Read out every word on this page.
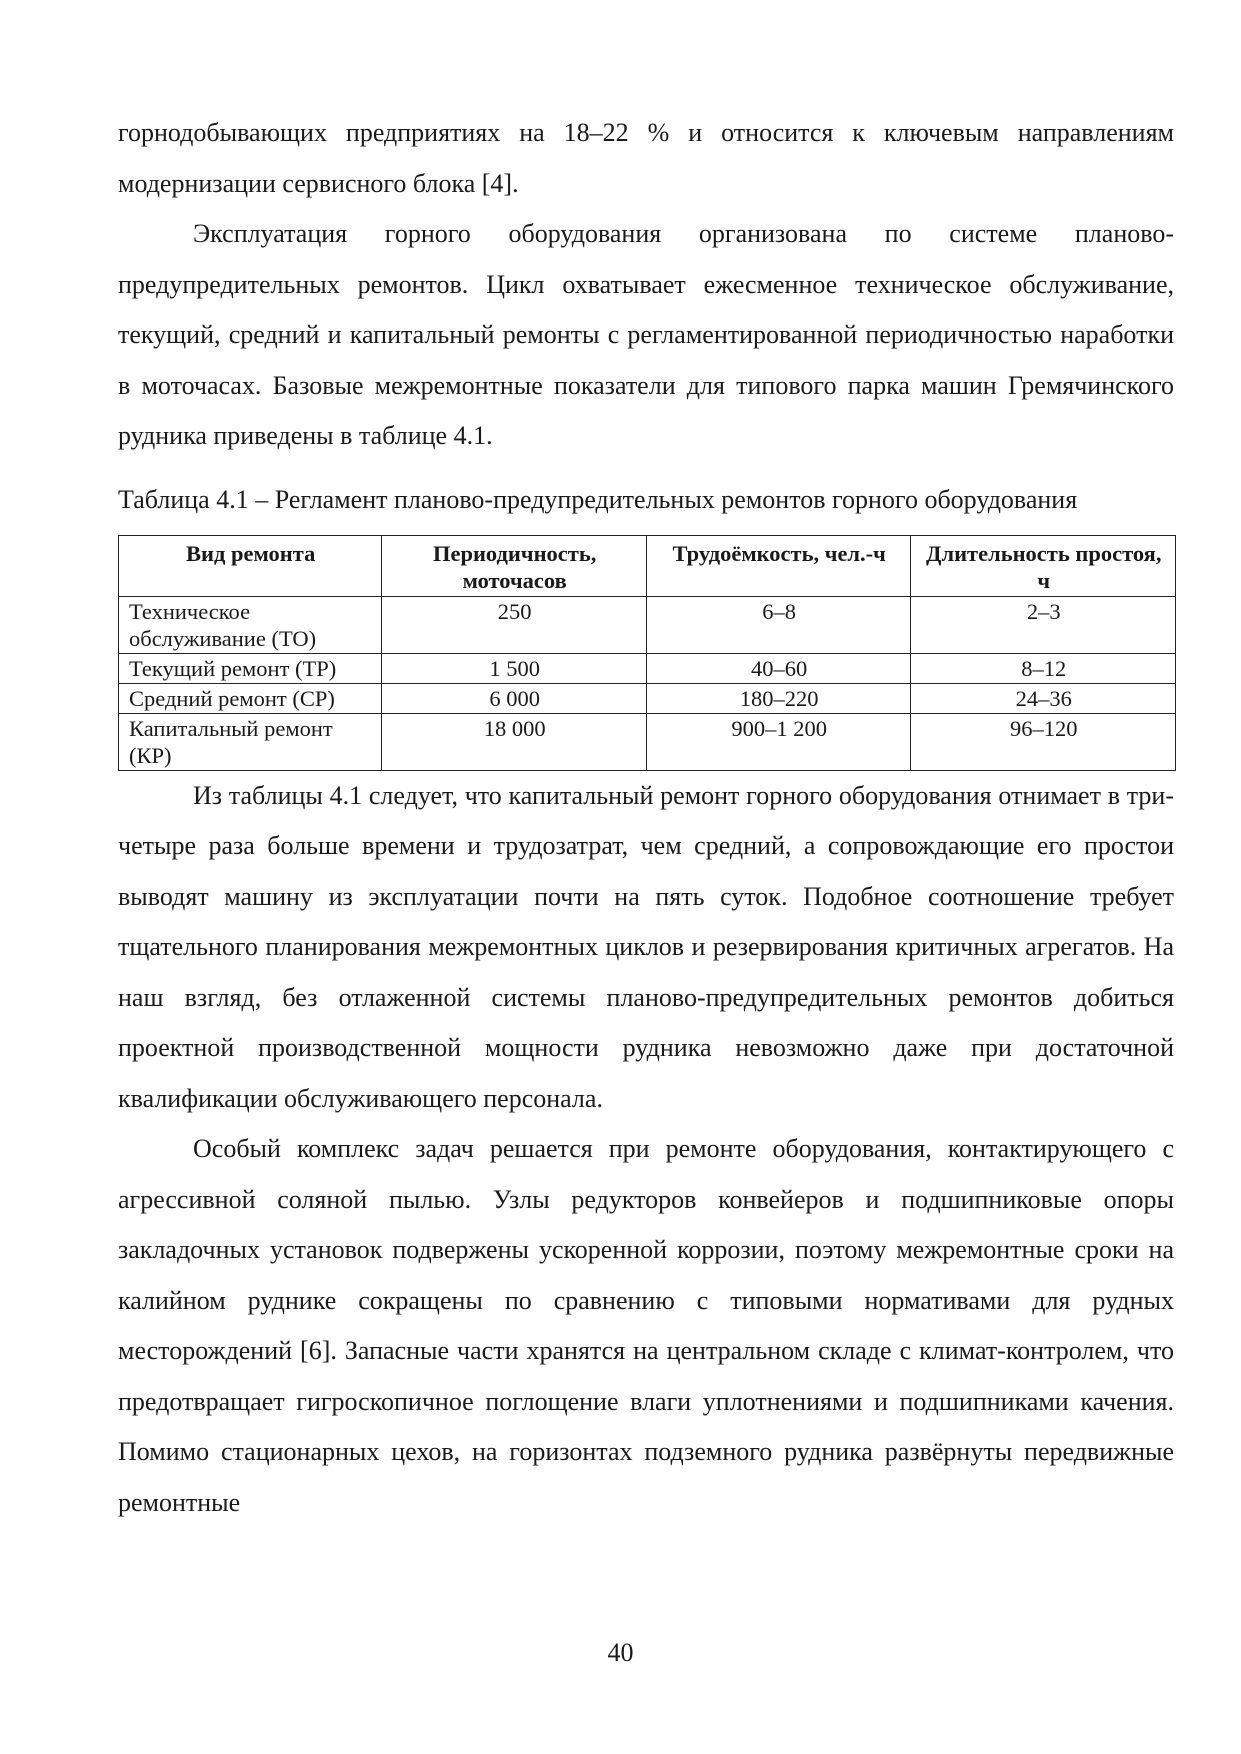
горнодобывающих предприятиях на 18–22 % и относится к ключевым направлениям модернизации сервисного блока [4].

Эксплуатация горного оборудования организована по системе планово-предупредительных ремонтов. Цикл охватывает ежесменное техническое обслуживание, текущий, средний и капитальный ремонты с регламентированной периодичностью наработки в моточасах. Базовые межремонтные показатели для типового парка машин Гремячинского рудника приведены в таблице 4.1.

Таблица 4.1 – Регламент планово-предупредительных ремонтов горного оборудования

Вид ремонта	Периодичность, моточасов	Трудоёмкость, чел.-ч	Длительность простоя, ч
Техническое обслуживание (ТО)	250	6–8	2–3
Текущий ремонт (ТР)	1 500	40–60	8–12
Средний ремонт (СР)	6 000	180–220	24–36
Капитальный ремонт (КР)	18 000	900–1 200	96–120

Из таблицы 4.1 следует, что капитальный ремонт горного оборудования отнимает в три-четыре раза больше времени и трудозатрат, чем средний, а сопровождающие его простои выводят машину из эксплуатации почти на пять суток. Подобное соотношение требует тщательного планирования межремонтных циклов и резервирования критичных агрегатов. На наш взгляд, без отлаженной системы планово-предупредительных ремонтов добиться проектной производственной мощности рудника невозможно даже при достаточной квалификации обслуживающего персонала.

Особый комплекс задач решается при ремонте оборудования, контактирующего с агрессивной соляной пылью. Узлы редукторов конвейеров и подшипниковые опоры закладочных установок подвержены ускоренной коррозии, поэтому межремонтные сроки на калийном руднике сокращены по сравнению с типовыми нормативами для рудных месторождений [6]. Запасные части хранятся на центральном складе с климат-контролем, что предотвращает гигроскопичное поглощение влаги уплотнениями и подшипниками качения. Помимо стационарных цехов, на горизонтах подземного рудника развёрнуты передвижные ремонтные

40
